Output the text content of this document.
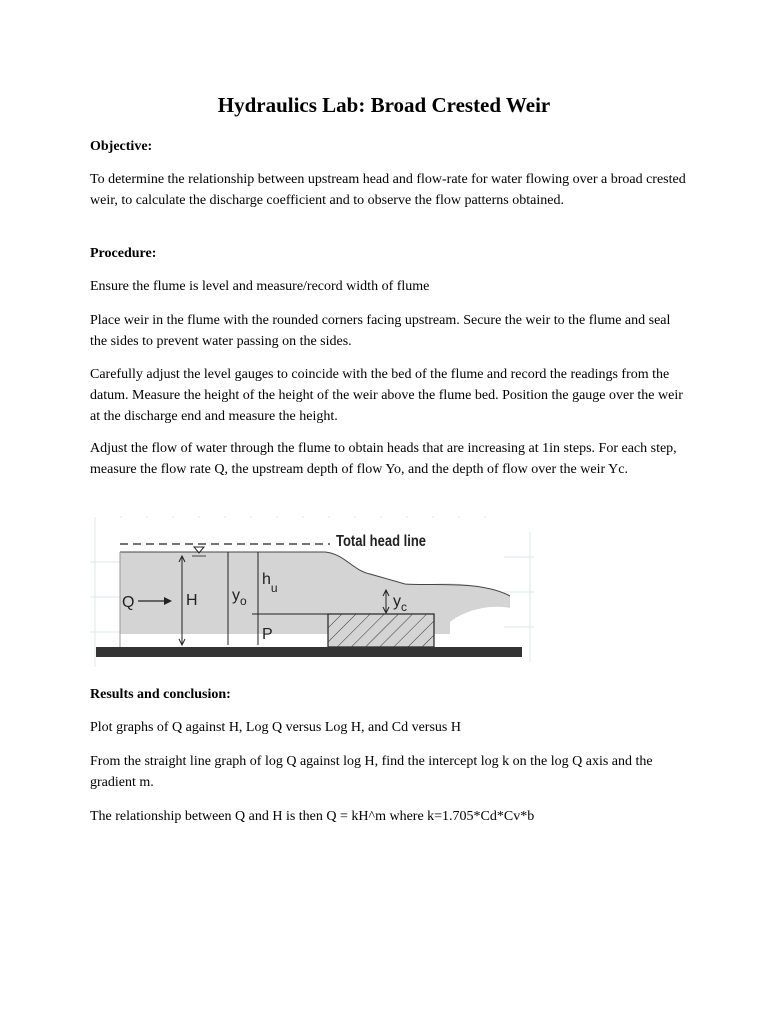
Hydraulics Lab: Broad Crested Weir

Objective:

To determine the relationship between upstream head and flow-rate for water flowing over a broad crested weir, to calculate the discharge coefficient and to observe the flow patterns obtained.

Procedure:

Ensure the flume is level and measure/record width of flume

Place weir in the flume with the rounded corners facing upstream. Secure the weir to the flume and seal the sides to prevent water passing on the sides.

Carefully adjust the level gauges to coincide with the bed of the flume and record the readings from the datum. Measure the height of the height of the weir above the flume bed. Position the gauge over the weir at the discharge end and measure the height.

Adjust the flow of water through the flume to obtain heads that are increasing at 1in steps. For each step, measure the flow rate Q, the upstream depth of flow Yo, and the depth of flow over the weir Yc.

Total head line
Q	H $y_o$
$h_u$
P
$y_c$

Results and conclusion:

Plot graphs of Q against H, Log Q versus Log H, and Cd versus H

From the straight line graph of log Q against log H, find the intercept log k on the log Q axis and the gradient m.

The relationship between Q and H is then Q = kH^m where k=1.705*Cd*Cv*b
